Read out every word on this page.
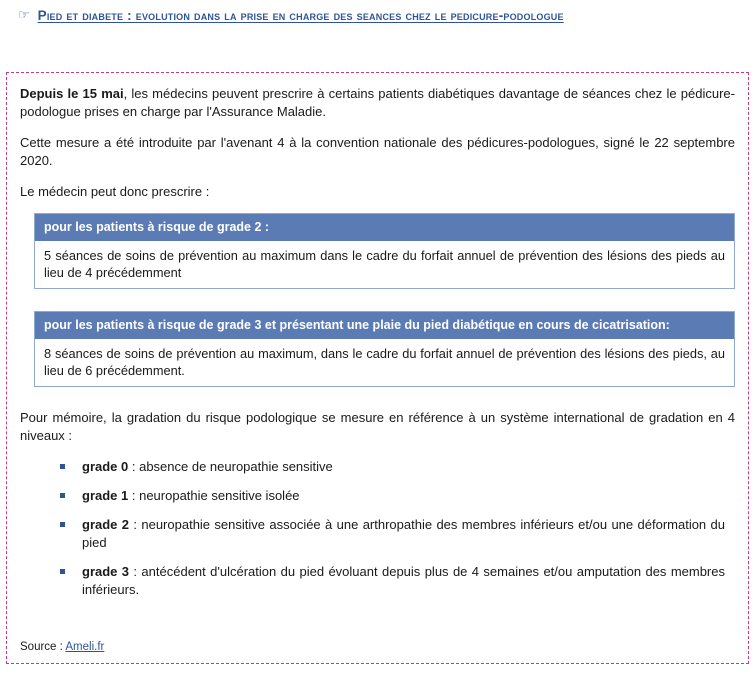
☞ Pied et diabete : evolution dans la prise en charge des seances chez le pedicure-podologue

Depuis le 15 mai, les médecins peuvent prescrire à certains patients diabétiques davantage de séances chez le pédicure-podologue prises en charge par l'Assurance Maladie.

Cette mesure a été introduite par l'avenant 4 à la convention nationale des pédicures-podologues, signé le 22 septembre 2020.

Le médecin peut donc prescrire :

pour les patients à risque de grade 2 :
5 séances de soins de prévention au maximum dans le cadre du forfait annuel de prévention des lésions des pieds au lieu de 4 précédemment
pour les patients à risque de grade 3 et présentant une plaie du pied diabétique en cours de cicatrisation:
8 séances de soins de prévention au maximum, dans le cadre du forfait annuel de prévention des lésions des pieds, au lieu de 6 précédemment.

Pour mémoire, la gradation du risque podologique se mesure en référence à un système international de gradation en 4 niveaux :

grade 0 : absence de neuropathie sensitive
grade 1 : neuropathie sensitive isolée
grade 2 : neuropathie sensitive associée à une arthropathie des membres inférieurs et/ou une déformation du pied
grade 3 : antécédent d'ulcération du pied évoluant depuis plus de 4 semaines et/ou amputation des membres inférieurs.
Source : Ameli.fr
